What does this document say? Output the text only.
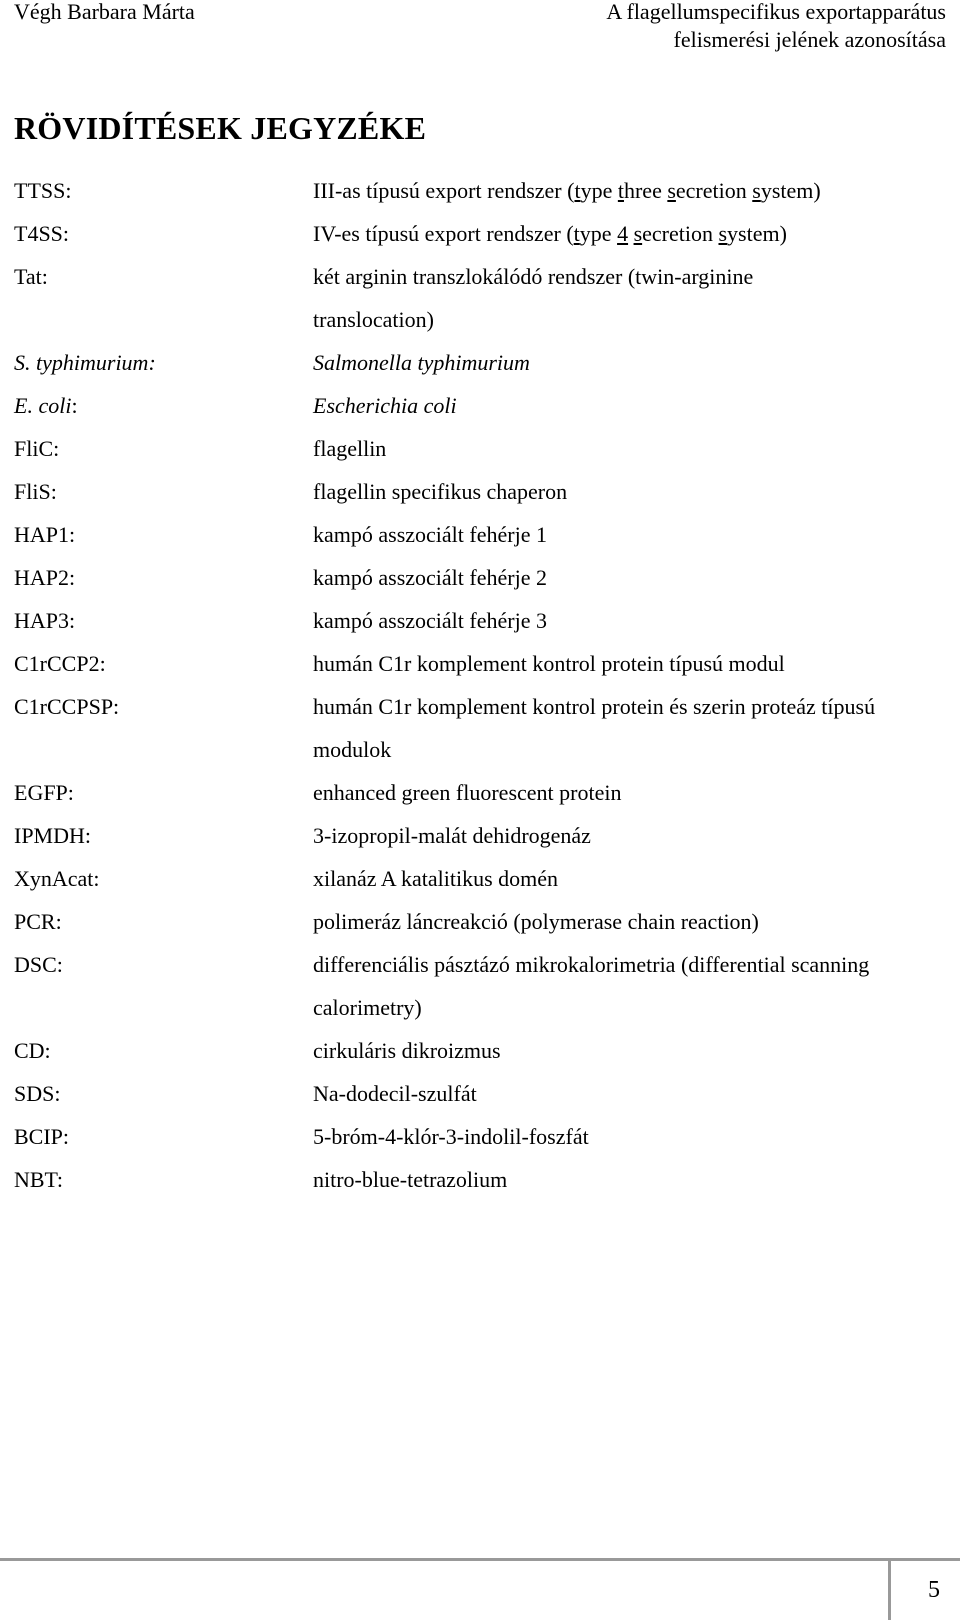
Végh Barbara Márta	A flagellumspecifikus exportapparátus
felismerési jelének azonosítása
RÖVIDÍTÉSEK JEGYZÉKE
TTSS:	III-as típusú export rendszer (type three secretion system)
T4SS:	IV-es típusú export rendszer (type 4 secretion system)
Tat:	két arginin transzlokálódó rendszer (twin-arginine translocation)
S. typhimurium:	Salmonella typhimurium
E. coli:	Escherichia coli
FliC:	flagellin
FliS:	flagellin specifikus chaperon
HAP1:	kampó asszociált fehérje 1
HAP2:	kampó asszociált fehérje 2
HAP3:	kampó asszociált fehérje 3
C1rCCP2:	humán C1r komplement kontrol protein típusú modul
C1rCCPSP:	humán C1r komplement kontrol protein és szerin proteáz típusú modulok
EGFP:	enhanced green fluorescent protein
IPMDH:	3-izopropil-malát dehidrogenáz
XynAcat:	xilanáz A katalitikus domén
PCR:	polimeráz láncreakció (polymerase chain reaction)
DSC:	differenciális pásztázó mikrokalorimetria (differential scanning calorimetry)
CD:	cirkuláris dikroizmus
SDS:	Na-dodecil-szulfát
BCIP:	5-bróm-4-klór-3-indolil-foszfát
NBT:	nitro-blue-tetrazolium
5
